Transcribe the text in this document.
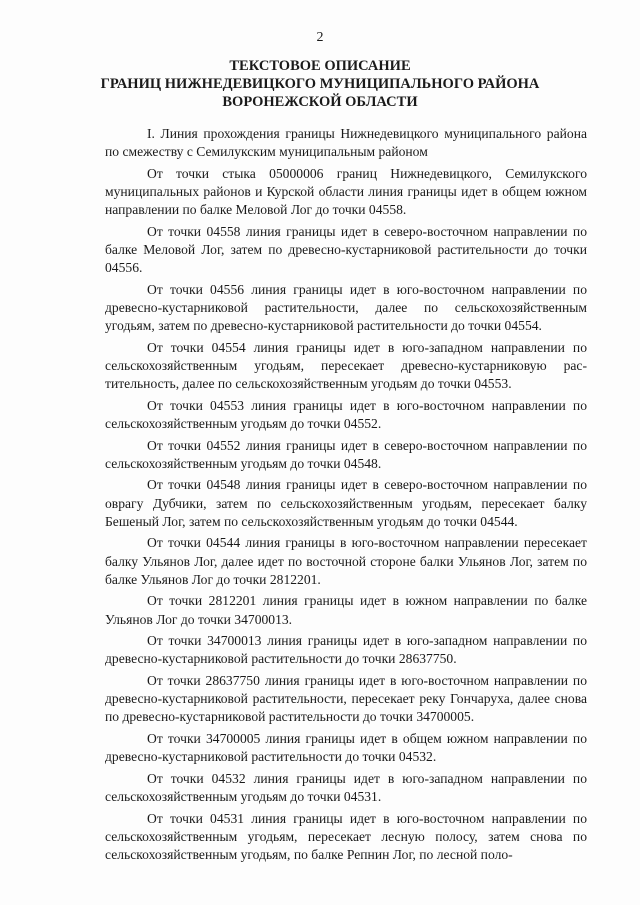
2
ТЕКСТОВОЕ ОПИСАНИЕ
ГРАНИЦ НИЖНЕДЕВИЦКОГО МУНИЦИПАЛЬНОГО РАЙОНА
ВОРОНЕЖСКОЙ ОБЛАСТИ

I. Линия прохождения границы Нижнедевицкого муниципального района по смежеству с Семилукским муниципальным районом

От точки стыка 05000006 границ Нижнедевицкого, Семилукского муниципальных районов и Курской области линия границы идет в общем южном направлении по балке Меловой Лог до точки 04558.

От точки 04558 линия границы идет в северо-восточном направлении по балке Меловой Лог, затем по древесно-кустарниковой растительности до точки 04556.

От точки 04556 линия границы идет в юго-восточном направлении по древесно-кустарниковой растительности, далее по сельскохозяйственным угодьям, затем по древесно-кустарниковой растительности до точки 04554.

От точки 04554 линия границы идет в юго-западном направлении по сельскохозяйственным угодьям, пересекает древесно-кустарниковую растительность, далее по сельскохозяйственным угодьям до точки 04553.

От точки 04553 линия границы идет в юго-восточном направлении по сельскохозяйственным угодьям до точки 04552.

От точки 04552 линия границы идет в северо-восточном направлении по сельскохозяйственным угодьям до точки 04548.

От точки 04548 линия границы идет в северо-восточном направлении по оврагу Дубчики, затем по сельскохозяйственным угодьям, пересекает балку Бешеный Лог, затем по сельскохозяйственным угодьям до точки 04544.

От точки 04544 линия границы в юго-восточном направлении пересекает балку Ульянов Лог, далее идет по восточной стороне балки Ульянов Лог, затем по балке Ульянов Лог до точки 2812201.

От точки 2812201 линия границы идет в южном направлении по балке Ульянов Лог до точки 34700013.

От точки 34700013 линия границы идет в юго-западном направлении по древесно-кустарниковой растительности до точки 28637750.

От точки 28637750 линия границы идет в юго-восточном направлении по древесно-кустарниковой растительности, пересекает реку Гончаруха, далее снова по древесно-кустарниковой растительности до точки 34700005.

От точки 34700005 линия границы идет в общем южном направлении по древесно-кустарниковой растительности до точки 04532.

От точки 04532 линия границы идет в юго-западном направлении по сельскохозяйственным угодьям до точки 04531.

От точки 04531 линия границы идет в юго-восточном направлении по сельскохозяйственным угодьям, пересекает лесную полосу, затем снова по сельскохозяйственным угодьям, по балке Репнин Лог, по лесной поло-
